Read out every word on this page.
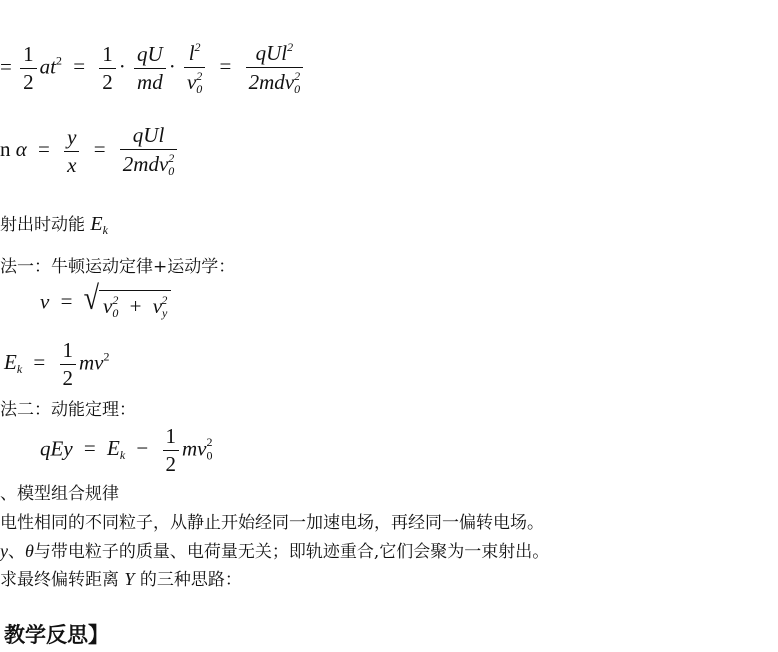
= $\frac{1}{2} at^2 = \frac{1}{2} \cdot \frac{qU}{md} \cdot \frac{l^2}{v_0^2} = \frac{qUl^2}{2mdv_0^2}$
n $\alpha = \frac{y}{x} = \frac{\text{qUl}}{2mdv_0^2}$
射出时动能 $E_k$
法一：牛顿运动定律+运动学：
v = √ $v_0^2 + v_y^2$
$E_k = \frac{1}{2} mv^2$
法二：动能定理：
qEy = $E_k - \frac{1}{2} mv_0^2$
、模型组合规律
电性相同的不同粒子，从静止开始经同一加速电场，再经同一偏转电场。
y、θ与带电粒子的质量、电荷量无关；即轨迹重合,它们会聚为一束射出。
求最终偏转距离 Y 的三种思路：
教学反思】
